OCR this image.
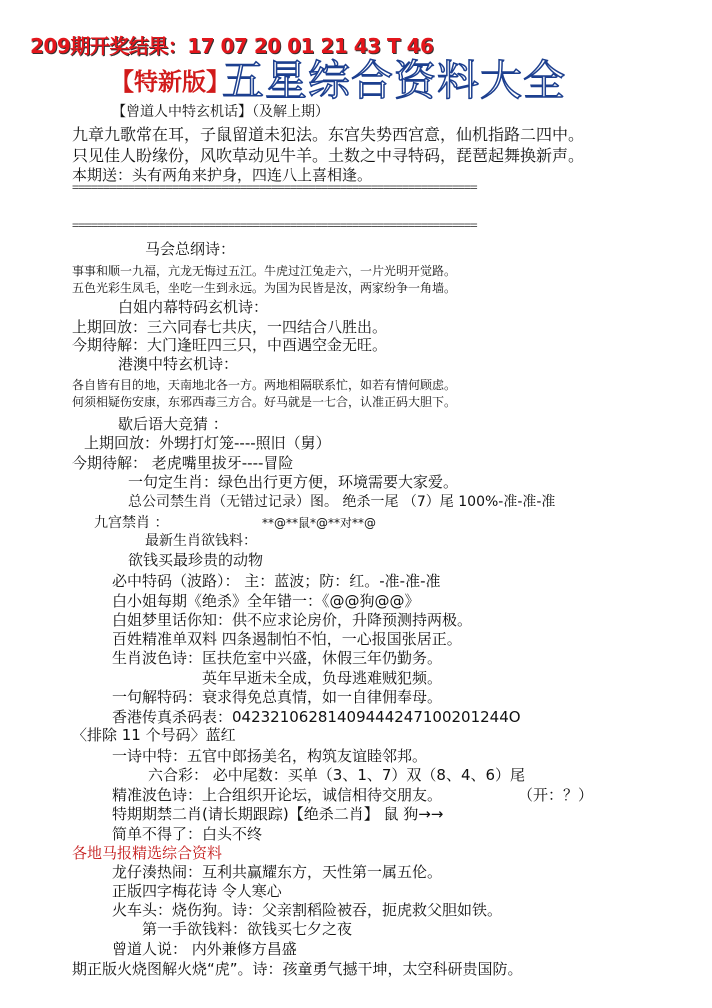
209期开奖结果：17 07 20 01 21 43 T 46
【特新版】
五星综合资料大全
【曾道人中特玄机话】（及解上期）
九章九歌常在耳，子鼠留道未犯法。东宫失势西宫意，仙机指路二四中。
只见佳人盼缘份，风吹草动见牛羊。土数之中寻特码，琵琶起舞换新声。
本期送：头有两角来护身，四连八上喜相逢。
=================================================================
=================================================================
马会总纲诗：
事事和顺一九福，亢龙无悔过五江。牛虎过江兔走六，一片光明开觉路。
五色光彩生凤毛，坐吃一生到永远。为国为民皆是汝，两家纷争一角墙。
白姐内幕特码玄机诗：
上期回放：三六同春七共庆，一四结合八胜出。
今期待解：大门逢旺四三只，中酉遇空金无旺。
港澳中特玄机诗：
各自皆有目的地，天南地北各一方。两地相隔联系忙，如若有情何顾虑。
何须相疑伤安康，东邪西毒三方合。好马就是一七合，认准正码大胆下。
歇后语大竞猜 ：
上期回放：外甥打灯笼----照旧（舅）
今期待解： 老虎嘴里拔牙----冒险
一句定生肖：绿色出行更方便，环境需要大家爱。
总公司禁生肖（无错过记录）图。 绝杀一尾 （7）尾 100%-准-准-准
九宫禁肖 ：	**@**鼠*@**对**@
最新生肖欲钱料：
欲钱买最珍贵的动物
必中特码（波路）： 主：蓝波；防：红。-准-准-准
白小姐每期《绝杀》全年错一：《@@狗@@》
白姐梦里话你知：供不应求论房价，升降预测持两极。
百姓精准单双料 四条遏制怕不怕，一心报国张居正。
生肖波色诗：匡扶危室中兴盛，休假三年仍勤务。
英年早逝未全成，负母逃难贼犯频。
一句解特码：衰求得免总真情，如一自律佣奉母。
香港传真杀码表：04232106281409444247100201244O
〈排除 11 个号码〉蓝红
一诗中特：五官中郎扬美名，构筑友谊睦邻邦。
六合彩： 必中尾数：买单（3、1、7）双（8、4、6）尾
精准波色诗：上合组织开论坛，诚信相待交朋友。	（开：？）
特期期禁二肖(请长期跟踪)【绝杀二肖】 鼠 狗→→
简单不得了：白头不终
各地马报精选综合资料
龙仔湊热闹：互利共赢耀东方，天性第一属五伦。
正版四字梅花诗 令人寒心
火车头：烧伤狗。诗：父亲割稻险被吞，扼虎救父胆如铁。
第一手欲钱料：欲钱买七夕之夜
曾道人说： 内外兼修方昌盛
期正版火烧图解火烧“虎”。诗：孩童勇气撼干坤，太空科研贵国防。
